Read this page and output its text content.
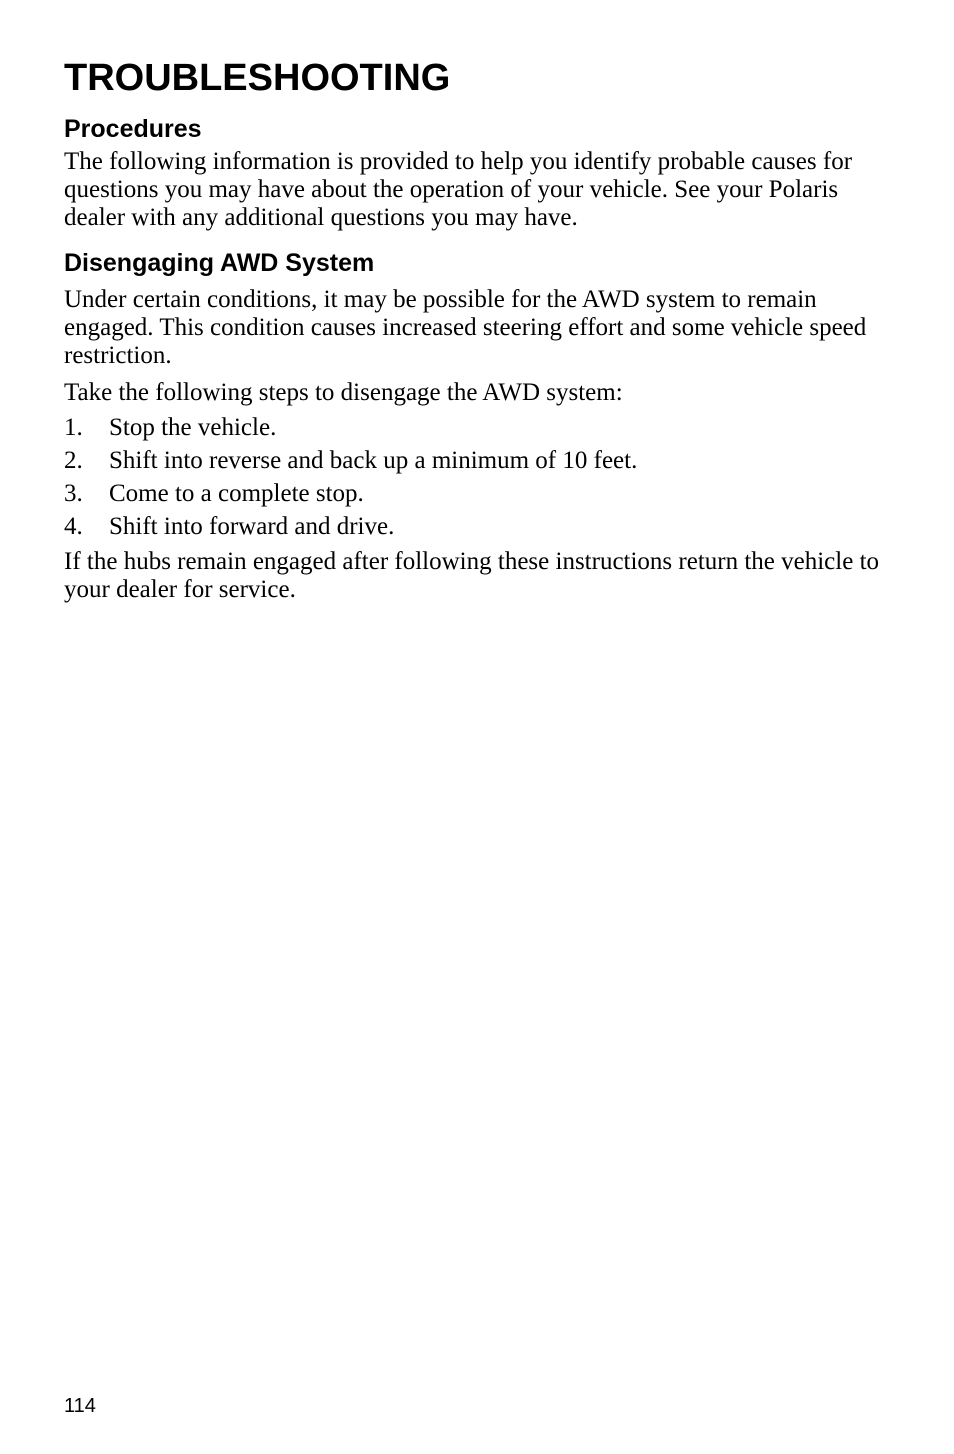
TROUBLESHOOTING
Procedures

The following information is provided to help you identify probable causes for questions you may have about the operation of your vehicle. See your Polaris dealer with any additional questions you may have.

Disengaging AWD System

Under certain conditions, it may be possible for the AWD system to remain engaged. This condition causes increased steering effort and some vehicle speed restriction.

Take the following steps to disengage the AWD system:

1.	Stop the vehicle.
2.	Shift into reverse and back up a minimum of 10 feet.
3.	Come to a complete stop.
4.	Shift into forward and drive.

If the hubs remain engaged after following these instructions return the vehicle to your dealer for service.

114
